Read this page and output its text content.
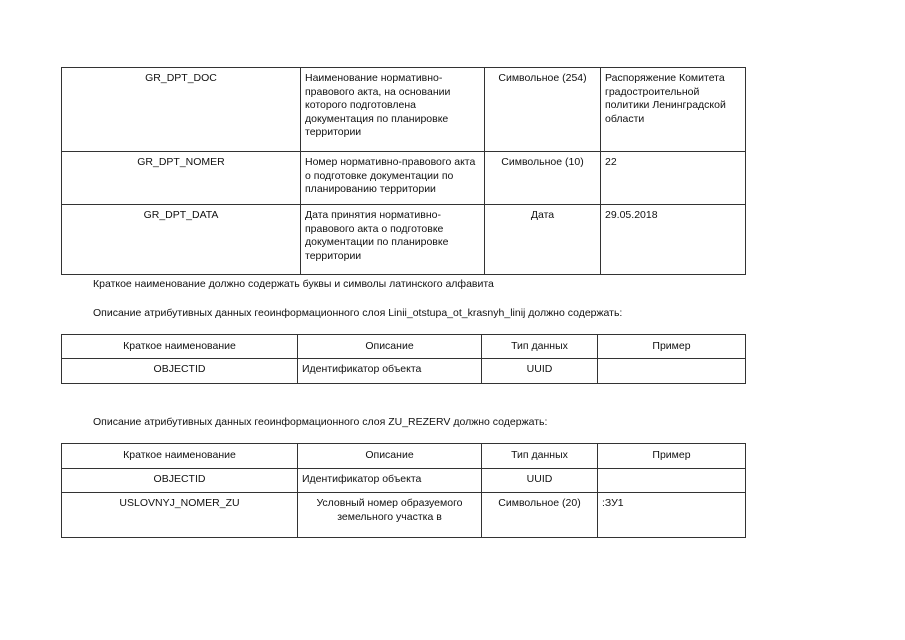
GR_DPT_DOC	Наименование нормативно-правового акта, на основании которого подготовлена документация по планировке территории	Символьное (254)	Распоряжение Комитета градостроительной политики Ленинградской области
GR_DPT_NOMER	Номер нормативно-правового акта о подготовке документации по планированию территории	Символьное (10)	22
GR_DPT_DATA	Дата принятия нормативно-правового акта о подготовке документации по планировке территории	Дата	29.05.2018
Краткое наименование должно содержать буквы и символы латинского алфавита
Описание атрибутивных данных геоинформационного слоя Linii_otstupa_ot_krasnyh_linij должно содержать:
Краткое наименование	Описание	Тип данных	Пример
OBJECTID	Идентификатор объекта	UUID	
Описание атрибутивных данных геоинформационного слоя ZU_REZERV должно содержать:
Краткое наименование	Описание	Тип данных	Пример
OBJECTID	Идентификатор объекта	UUID	
USLOVNYJ_NOMER_ZU	Условный номер образуемого земельного участка в	Символьное (20)	:ЗУ1
